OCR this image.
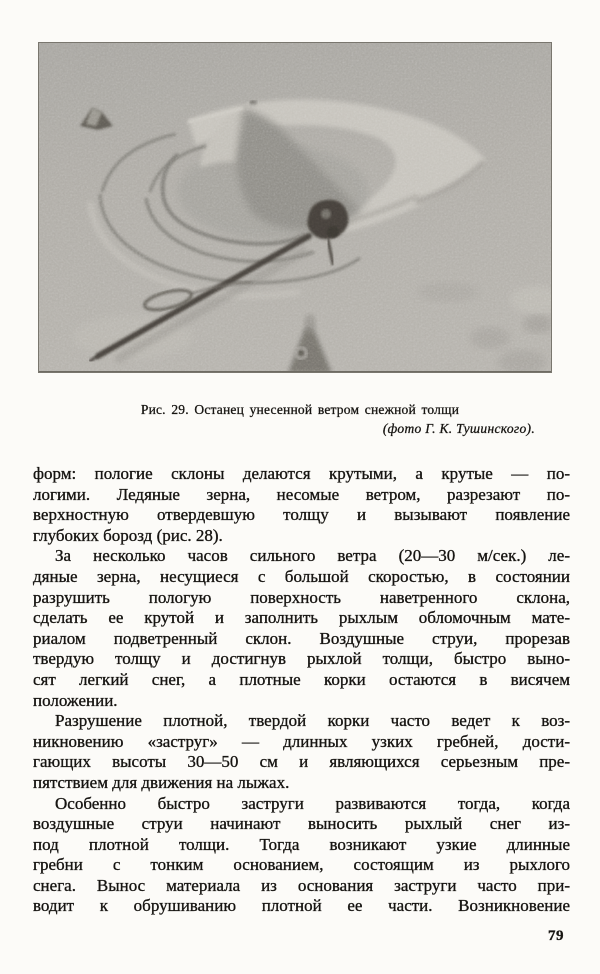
Рис. 29. Останец унесенной ветром снежной толщи
(фото Г. К. Тушинского).
форм: пологие склоны делаются крутыми, а крутые — по-
логими. Ледяные зерна, несомые ветром, разрезают по-
верхностную отвердевшую толщу и вызывают появление
глубоких борозд (рис. 28).
За несколько часов сильного ветра (20—30 м/сек.) ле-
дяные зерна, несущиеся с большой скоростью, в состоянии
разрушить пологую поверхность наветренного склона,
сделать ее крутой и заполнить рыхлым обломочным мате-
риалом подветренный склон. Воздушные струи, прорезав
твердую толщу и достигнув рыхлой толщи, быстро выно-
сят легкий снег, а плотные корки остаются в висячем
положении.
Разрушение плотной, твердой корки часто ведет к воз-
никновению «заструг» — длинных узких гребней, дости-
гающих высоты 30—50 см и являющихся серьезным пре-
пятствием для движения на лыжах.
Особенно быстро заструги развиваются тогда, когда
воздушные струи начинают выносить рыхлый снег из-
под плотной толщи. Тогда возникают узкие длинные
гребни с тонким основанием, состоящим из рыхлого
снега. Вынос материала из основания заструги часто при-
водит к обрушиванию плотной ее части. Возникновение
79
